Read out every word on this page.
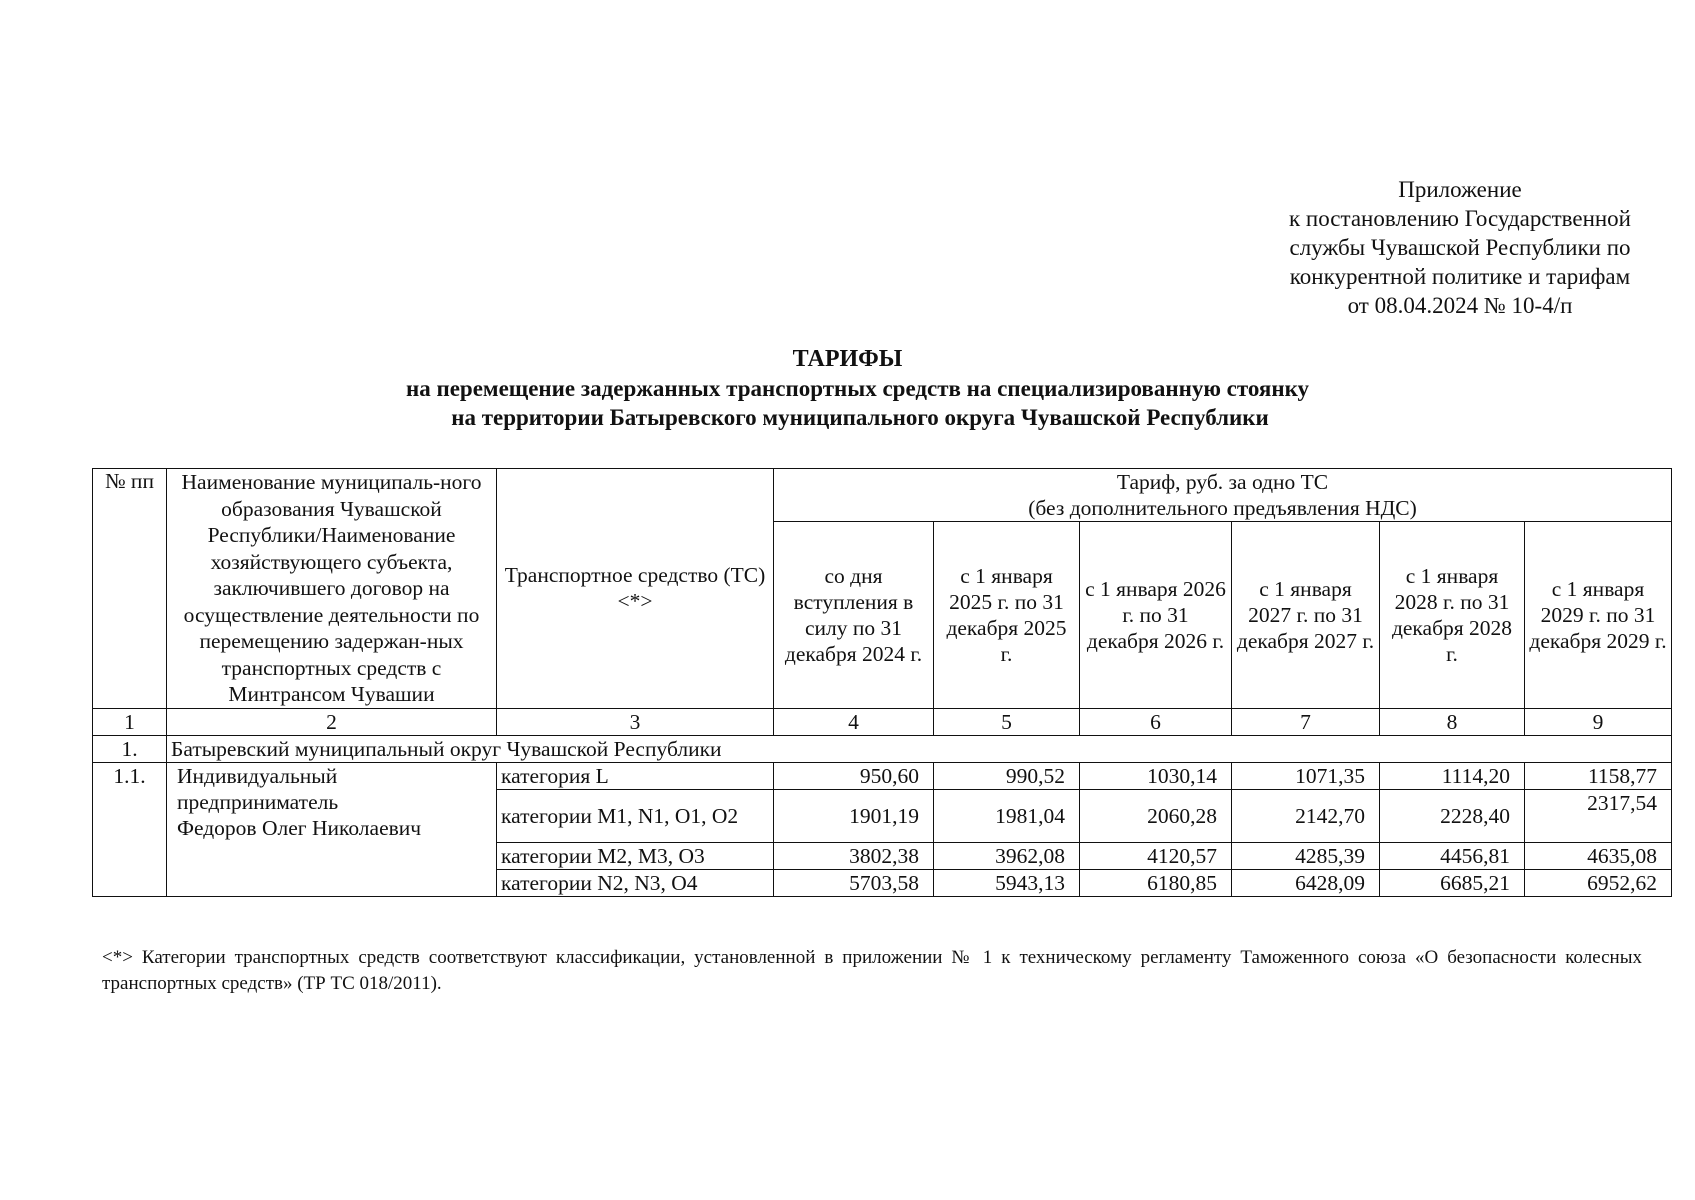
Приложение
к постановлению Государственной
службы Чувашской Республики по
конкурентной политике и тарифам
от 08.04.2024 № 10-4/п
ТАРИФЫ
на перемещение задержанных транспортных средств на специализированную стоянку
на территории Батыревского муниципального округа Чувашской Республики
№ пп	Наименование муниципаль-ного образования Чувашской Республики/Наименование хозяйствующего субъекта, заключившего договор на осуществление деятельности по перемещению задержан-ных транспортных средств с Минтрансом Чувашии	Транспортное средство (ТС) <*>	Тариф, руб. за одно ТС
(без дополнительного предъявления НДС)					

			со дня вступления в силу по 31 декабря 2024 г.	с 1 января 2025 г. по 31 декабря 2025 г.	с 1 января 2026 г. по 31 декабря 2026 г.	с 1 января 2027 г. по 31 декабря 2027 г.	с 1 января 2028 г. по 31 декабря 2028 г.	с 1 января 2029 г. по 31 декабря 2029 г.
1	2	3	4	5	6	7	8	9
1.	Батыревский муниципальный округ Чувашской Республики							
1.1.	Индивидуальный
предприниматель
Федоров Олег Николаевич	категория L	950,60	990,52	1030,14	1071,35	1114,20	1158,77
		категории M1, N1, O1, O2	1901,19	1981,04	2060,28	2142,70	2228,40	2317,54
		категории M2, M3, O3	3802,38	3962,08	4120,57	4285,39	4456,81	4635,08
		категории N2, N3, O4	5703,58	5943,13	6180,85	6428,09	6685,21	6952,62
<*> Категории транспортных средств соответствуют классификации, установленной в приложении № 1 к техническому регламенту Таможенного союза «О безопасности колесных транспортных средств» (ТР ТС 018/2011).
